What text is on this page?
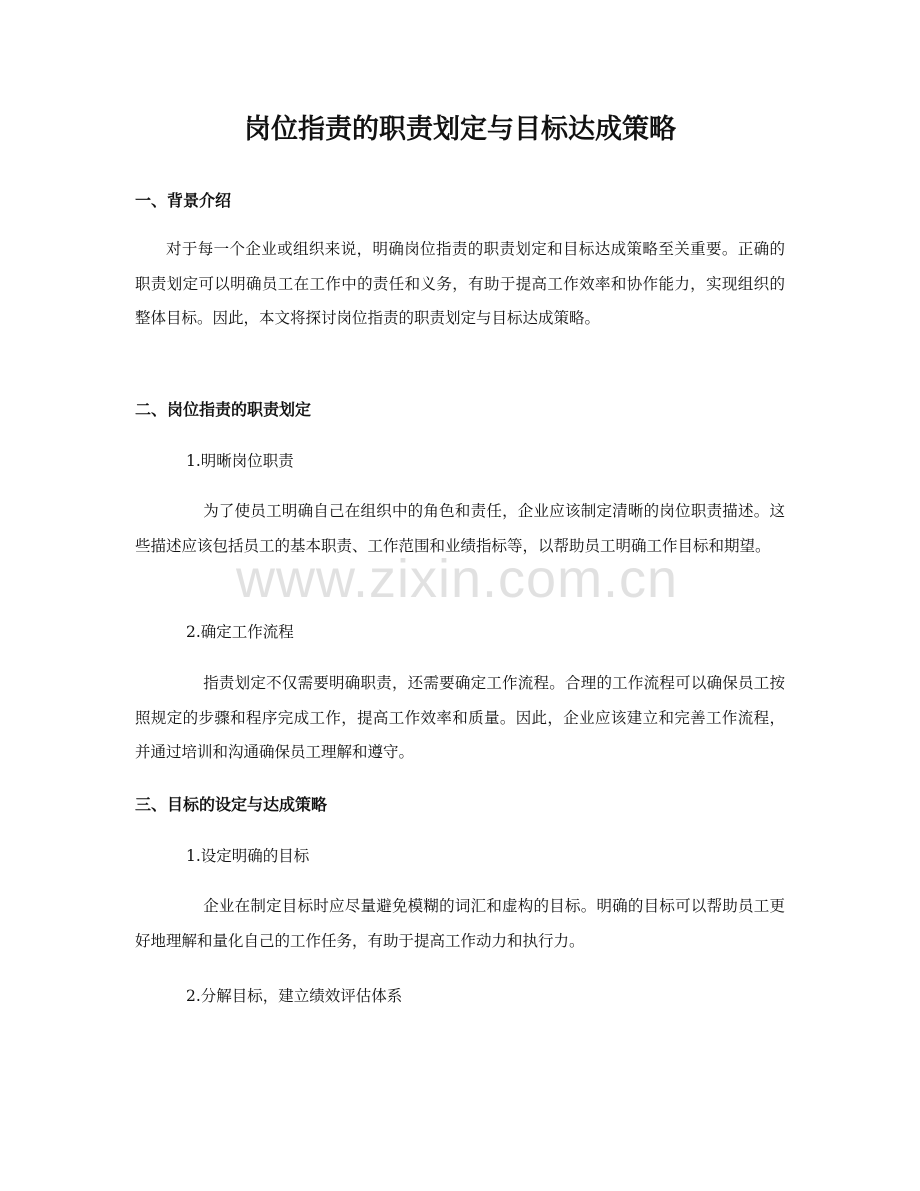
岗位指责的职责划定与目标达成策略
一、背景介绍

对于每一个企业或组织来说，明确岗位指责的职责划定和目标达成策略至关重要。正确的职责划定可以明确员工在工作中的责任和义务，有助于提高工作效率和协作能力，实现组织的整体目标。因此，本文将探讨岗位指责的职责划定与目标达成策略。

二、岗位指责的职责划定

1.明晰岗位职责

为了使员工明确自己在组织中的角色和责任，企业应该制定清晰的岗位职责描述。这些描述应该包括员工的基本职责、工作范围和业绩指标等，以帮助员工明确工作目标和期望。

2.确定工作流程

指责划定不仅需要明确职责，还需要确定工作流程。合理的工作流程可以确保员工按照规定的步骤和程序完成工作，提高工作效率和质量。因此，企业应该建立和完善工作流程，并通过培训和沟通确保员工理解和遵守。

三、目标的设定与达成策略

1.设定明确的目标

企业在制定目标时应尽量避免模糊的词汇和虚构的目标。明确的目标可以帮助员工更好地理解和量化自己的工作任务，有助于提高工作动力和执行力。

2.分解目标，建立绩效评估体系

www.zixin.com.cn
